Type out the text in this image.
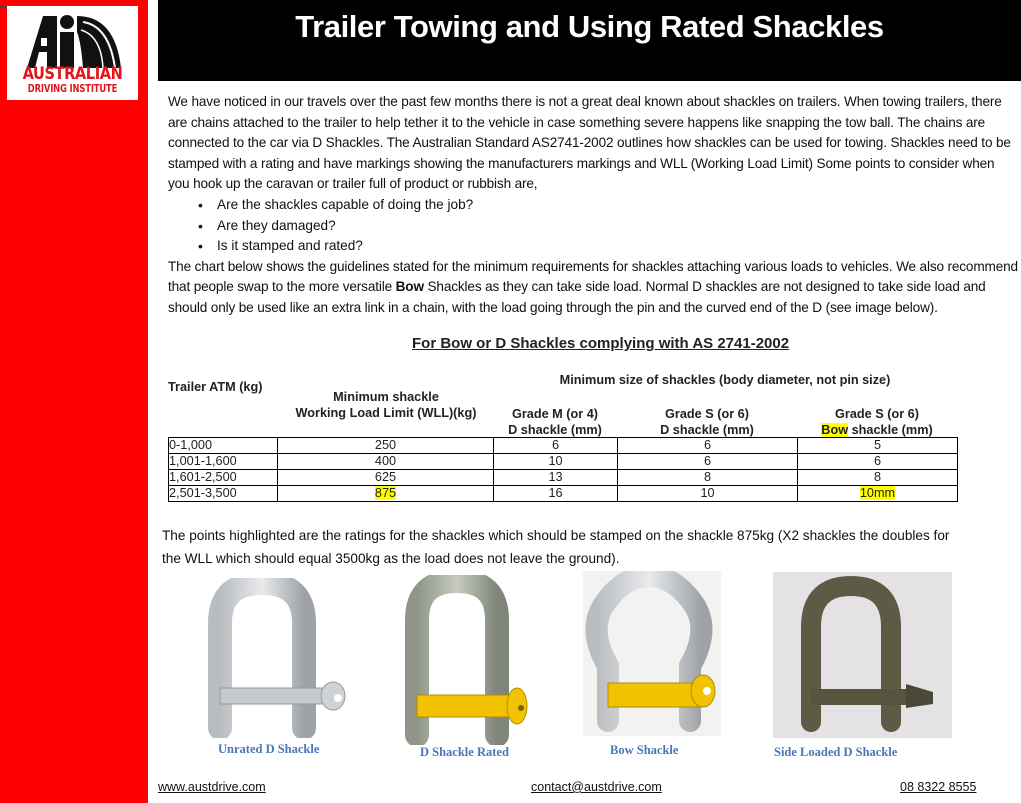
AUSTRALIAN
DRIVING INSTITUTE
Trailer Towing and Using Rated Shackles

We have noticed in our travels over the past few months there is not a great deal known about shackles on trailers. When towing trailers, there are chains attached to the trailer to help tether it to the vehicle in case something severe happens like snapping the tow ball. The chains are connected to the car via D Shackles. The Australian Standard AS2741-2002 outlines how shackles can be used for towing. Shackles need to be stamped with a rating and have markings showing the manufacturers markings and WLL (Working Load Limit) Some points to consider when you hook up the caravan or trailer full of product or rubbish are,

• Are the shackles capable of doing the job?
• Are they damaged?
• Is it stamped and rated?

The chart below shows the guidelines stated for the minimum requirements for shackles attaching various loads to vehicles. We also recommend that people swap to the more versatile Bow Shackles as they can take side load. Normal D shackles are not designed to take side load and should only be used like an extra link in a chain, with the load going through the pin and the curved end of the D (see image below).

For Bow or D Shackles complying with AS 2741-2002
Trailer ATM (kg)
Minimum shackle
Working Load Limit (WLL)(kg)
Minimum size of shackles (body diameter, not pin size)
Grade M (or 4)
D shackle (mm)
Grade S (or 6)
D shackle (mm)
Grade S (or 6)
Bow shackle (mm)
0-1,000	250	6	6	5
1,001-1,600	400	10	6	6
1,601-2,500	625	13	8	8
2,501-3,500	875	16	10	10mm
The points highlighted are the ratings for the shackles which should be stamped on the shackle 875kg (X2 shackles the doubles for
the WLL which should equal 3500kg as the load does not leave the ground).
Unrated D Shackle	D Shackle Rated	Bow Shackle	Side Loaded D Shackle
www.austdrive.com	contact@austdrive.com	08 8322 8555
